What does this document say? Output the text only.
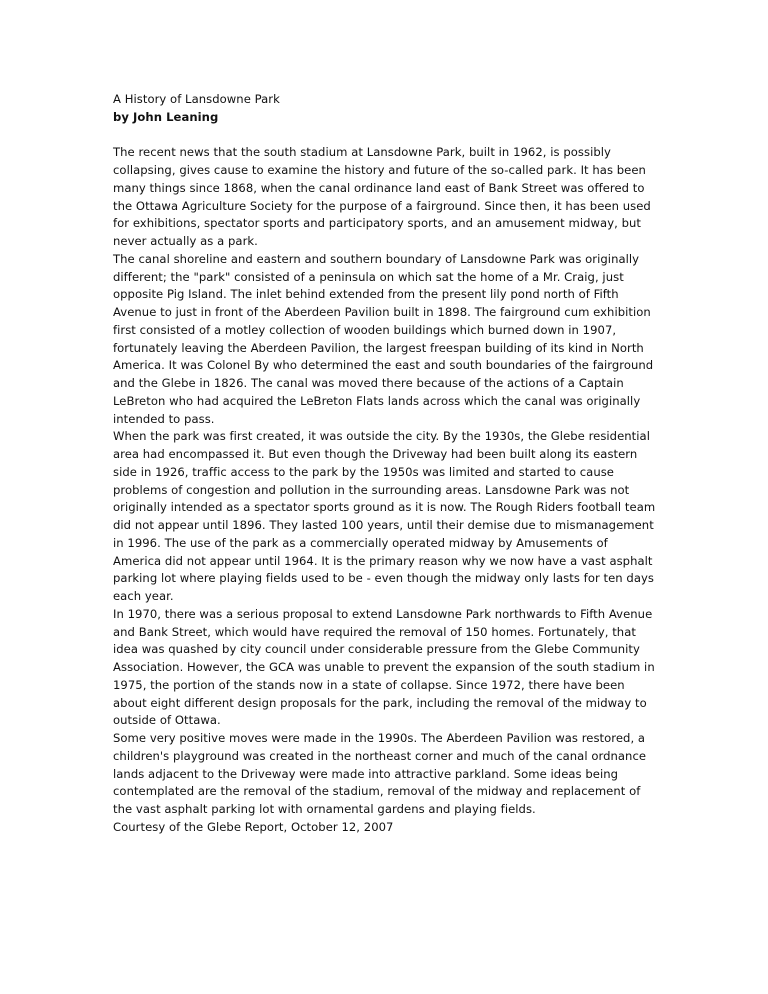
A History of Lansdowne Park

by John Leaning

The recent news that the south stadium at Lansdowne Park, built in 1962, is possibly collapsing, gives cause to examine the history and future of the so-called park. It has been many things since 1868, when the canal ordinance land east of Bank Street was offered to the Ottawa Agriculture Society for the purpose of a fairground. Since then, it has been used for exhibitions, spectator sports and participatory sports, and an amusement midway, but never actually as a park.

The canal shoreline and eastern and southern boundary of Lansdowne Park was originally different; the "park" consisted of a peninsula on which sat the home of a Mr. Craig, just opposite Pig Island. The inlet behind extended from the present lily pond north of Fifth Avenue to just in front of the Aberdeen Pavilion built in 1898. The fairground cum exhibition first consisted of a motley collection of wooden buildings which burned down in 1907, fortunately leaving the Aberdeen Pavilion, the largest freespan building of its kind in North America. It was Colonel By who determined the east and south boundaries of the fairground and the Glebe in 1826. The canal was moved there because of the actions of a Captain LeBreton who had acquired the LeBreton Flats lands across which the canal was originally intended to pass.

When the park was first created, it was outside the city. By the 1930s, the Glebe residential area had encompassed it. But even though the Driveway had been built along its eastern side in 1926, traffic access to the park by the 1950s was limited and started to cause problems of congestion and pollution in the surrounding areas. Lansdowne Park was not originally intended as a spectator sports ground as it is now. The Rough Riders football team did not appear until 1896. They lasted 100 years, until their demise due to mismanagement in 1996. The use of the park as a commercially operated midway by Amusements of America did not appear until 1964. It is the primary reason why we now have a vast asphalt parking lot where playing fields used to be - even though the midway only lasts for ten days each year.

In 1970, there was a serious proposal to extend Lansdowne Park northwards to Fifth Avenue and Bank Street, which would have required the removal of 150 homes. Fortunately, that idea was quashed by city council under considerable pressure from the Glebe Community Association. However, the GCA was unable to prevent the expansion of the south stadium in 1975, the portion of the stands now in a state of collapse. Since 1972, there have been about eight different design proposals for the park, including the removal of the midway to outside of Ottawa.

Some very positive moves were made in the 1990s. The Aberdeen Pavilion was restored, a children's playground was created in the northeast corner and much of the canal ordnance lands adjacent to the Driveway were made into attractive parkland. Some ideas being contemplated are the removal of the stadium, removal of the midway and replacement of the vast asphalt parking lot with ornamental gardens and playing fields.

Courtesy of the Glebe Report, October 12, 2007
